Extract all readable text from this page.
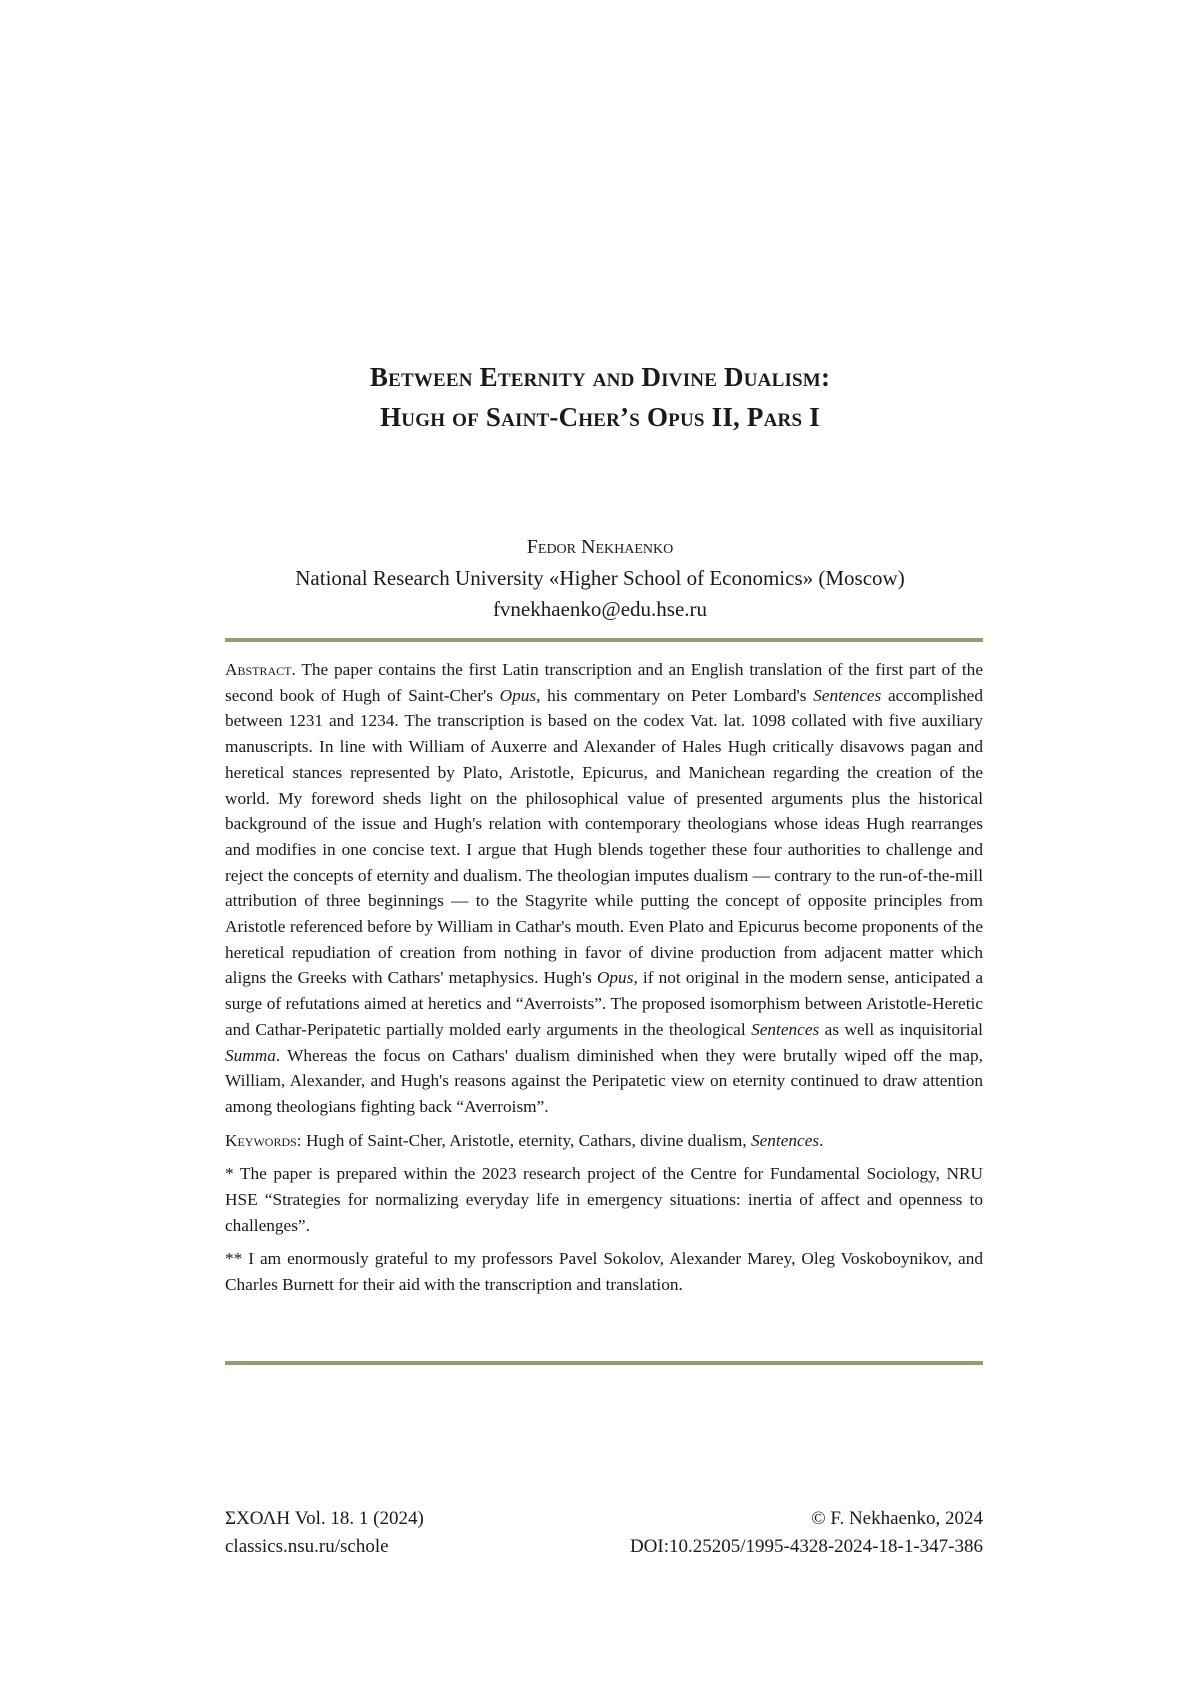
Between Eternity and Divine Dualism:
Hugh of Saint-Cher’s Opus II, Pars I
Fedor Nekhaenko
National Research University «Higher School of Economics» (Moscow)
fvnekhaenko@edu.hse.ru

Abstract. The paper contains the first Latin transcription and an English translation of the first part of the second book of Hugh of Saint-Cher's Opus, his commentary on Peter Lombard's Sentences accomplished between 1231 and 1234. The transcription is based on the codex Vat. lat. 1098 collated with five auxiliary manuscripts. In line with William of Auxerre and Alexander of Hales Hugh crit­ically disavows pagan and heretical stances represented by Plato, Aristotle, Epicurus, and Mani­chean regarding the creation of the world. My foreword sheds light on the philosophical value of presented arguments plus the historical background of the issue and Hugh's relation with contem­porary theologians whose ideas Hugh rearranges and modifies in one concise text. I argue that Hugh blends together these four authorities to challenge and reject the concepts of eternity and dualism. The theologian imputes dualism — contrary to the run-of-the-mill attribution of three beginnings — to the Stagyrite while putting the concept of opposite principles from Aristotle ref­erenced before by William in Cathar's mouth. Even Plato and Epicurus become proponents of the heretical repudiation of creation from nothing in favor of divine production from adjacent matter which aligns the Greeks with Cathars' metaphysics. Hugh's Opus, if not original in the modern sense, anticipated a surge of refutations aimed at heretics and “Averroists”. The proposed isomor­phism between Aristotle-Heretic and Cathar-Peripatetic partially molded early arguments in the theological Sentences as well as inquisitorial Summa. Whereas the focus on Cathars' dualism dimin­ished when they were brutally wiped off the map, William, Alexander, and Hugh's reasons against the Peripatetic view on eternity continued to draw attention among theologians fighting back “Av­erroism”.

Keywords: Hugh of Saint-Cher, Aristotle, eternity, Cathars, divine dualism, Sentences.

* The paper is prepared within the 2023 research project of the Centre for Fundamental Sociology, NRU HSE “Strategies for normalizing everyday life in emergency situations: inertia of affect and openness to challenges”.

** I am enormously grateful to my professors Pavel Sokolov, Alexander Marey, Oleg Voskoboynikov, and Charles Burnett for their aid with the transcription and translation.

ΣΧΟΛΗ Vol. 18. 1 (2024)
classics.nsu.ru/schole
© F. Nekhaenko, 2024
DOI:10.25205/1995-4328-2024-18-1-347-386
